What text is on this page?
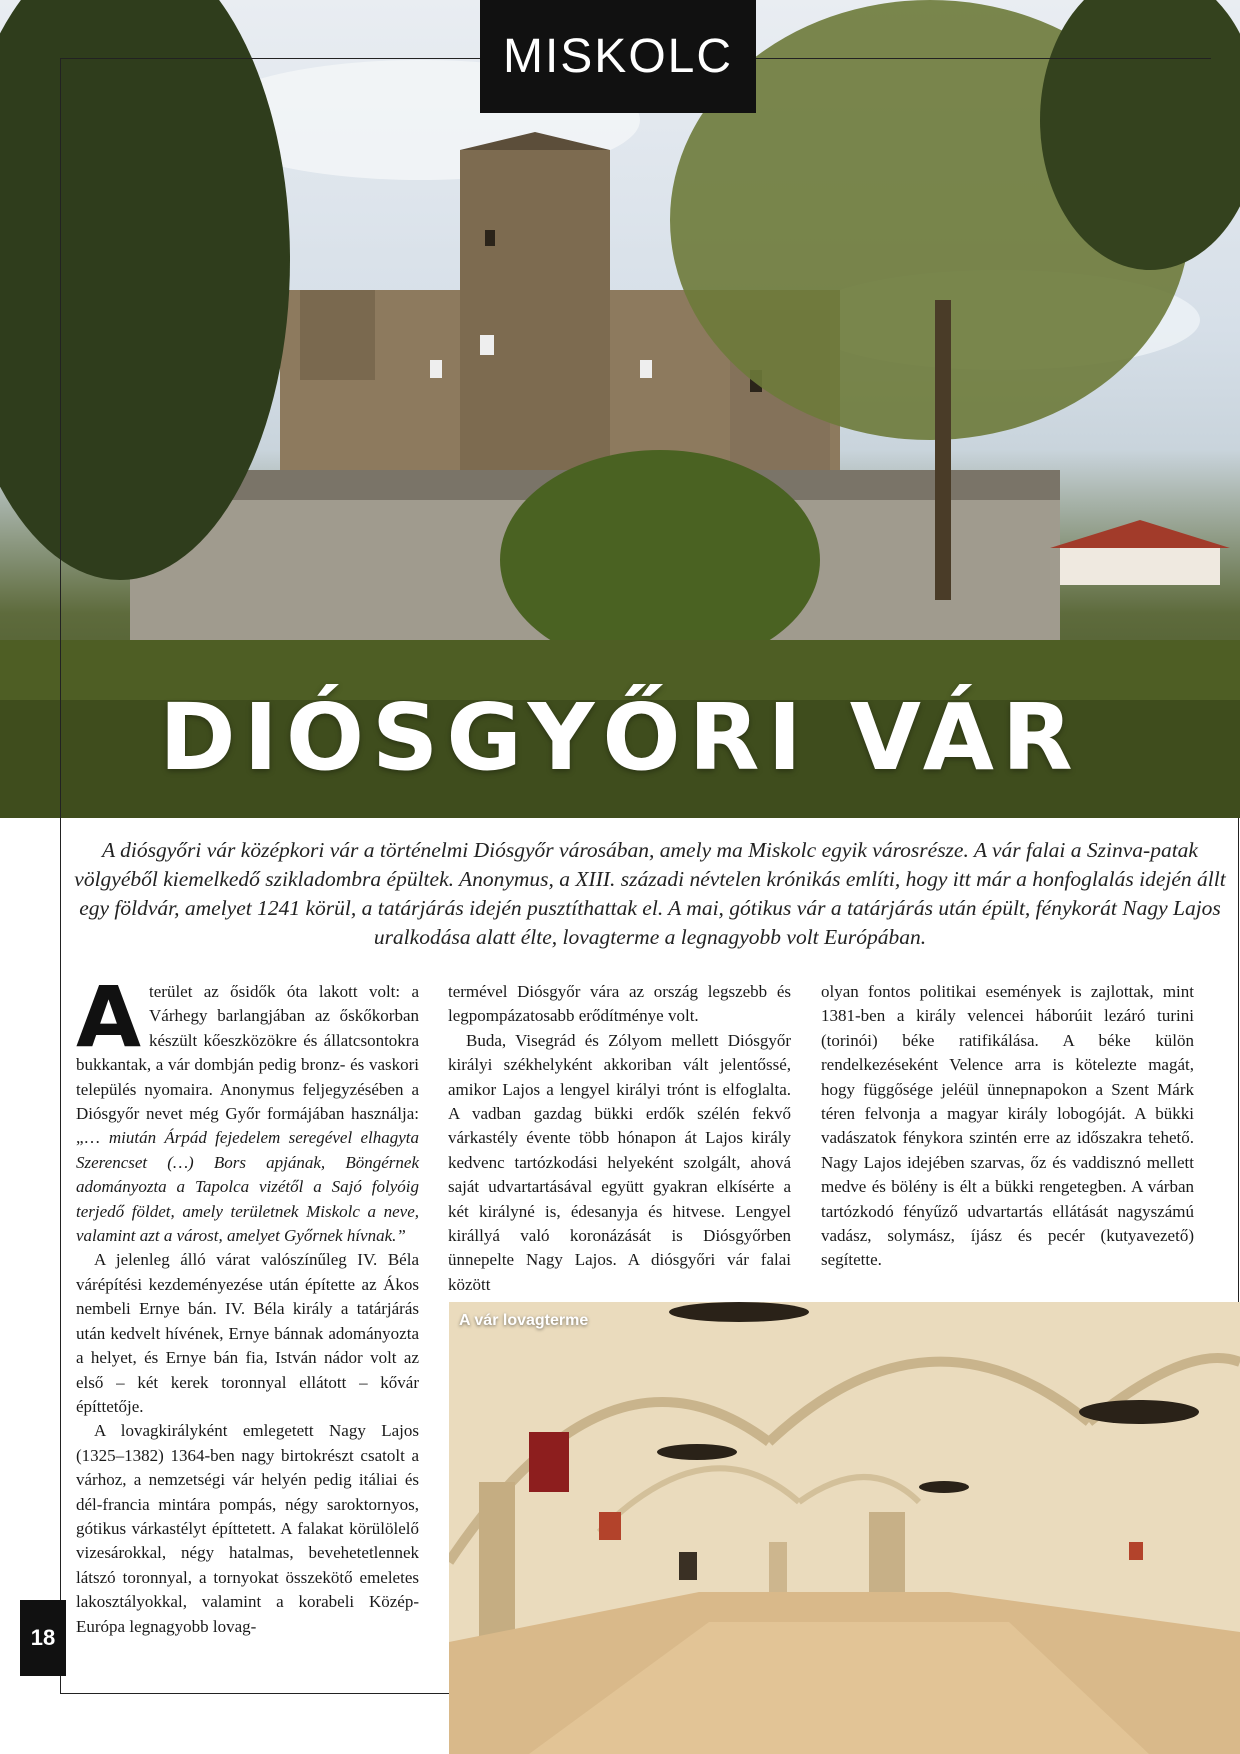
MISKOLC
DIÓSGYŐRI VÁR
A diósgyőri vár középkori vár a történelmi Diósgyőr városában, amely ma Miskolc egyik városrésze. A vár falai a Szinva-patak völgyéből kiemelkedő szikladombra épültek. Anonymus, a XIII. századi névtelen krónikás említi, hogy itt már a honfoglalás idején állt egy földvár, amelyet 1241 körül, a tatárjárás idején pusztíthattak el. A mai, gótikus vár a tatárjárás után épült, fénykorát Nagy Lajos uralkodása alatt élte, lovagterme a legnagyobb volt Európában.

Aterület az ősidők óta lakott volt: a Várhegy barlangjában az őskőkorban készült kőeszközökre és állatcsontokra bukkantak, a vár dombján pedig bronz- és vaskori település nyomaira. Anonymus feljegyzésében a Diósgyőr nevet még Győr formájában használja: „… miután Árpád fejedelem seregével elhagyta Szerencset (…) Bors apjának, Böngérnek adományozta a Tapolca vizétől a Sajó folyóig terjedő földet, amely területnek Miskolc a neve, valamint azt a várost, amelyet Győrnek hívnak.”

A jelenleg álló várat valószínűleg IV. Béla várépítési kezdeményezése után építette az Ákos nembeli Ernye bán. IV. Béla király a tatárjárás után kedvelt hívének, Ernye bánnak adományozta a helyet, és Ernye bán fia, István nádor volt az első – két kerek toronnyal ellátott – kővár építtetője.

A lovagkirályként emlegetett Nagy Lajos (1325–1382) 1364-ben nagy birtokrészt csatolt a várhoz, a nemzetségi vár helyén pedig itáliai és dél-francia mintára pompás, négy saroktornyos, gótikus várkastélyt építtetett. A falakat körülölelő vizesárokkal, négy hatalmas, bevehetetlennek látszó toronnyal, a tornyokat összekötő emeletes lakosztályokkal, valamint a korabeli Közép-Európa legnagyobb lovag-

termével Diósgyőr vára az ország legszebb és legpompázatosabb erődítménye volt.

Buda, Visegrád és Zólyom mellett Diósgyőr királyi székhelyként akkoriban vált jelentőssé, amikor Lajos a lengyel királyi trónt is elfoglalta. A vadban gazdag bükki erdők szélén fekvő várkastély évente több hónapon át Lajos király kedvenc tartózkodási helyeként szolgált, ahová saját udvartartásával együtt gyakran elkísérte a két királyné is, édesanyja és hitvese. Lengyel királlyá való koronázását is Diósgyőrben ünnepelte Nagy Lajos. A diósgyőri vár falai között

olyan fontos politikai események is zajlottak, mint 1381-ben a király velencei háborúit lezáró turini (torinói) béke ratifikálása. A béke külön rendelkezéseként Velence arra is kötelezte magát, hogy függősége jeléül ünnepnapokon a Szent Márk téren felvonja a magyar király lobogóját. A bükki vadászatok fénykora szintén erre az időszakra tehető. Nagy Lajos idejében szarvas, őz és vaddisznó mellett medve és bölény is élt a bükki rengetegben. A várban tartózkodó fényűző udvartartás ellátását nagyszámú vadász, solymász, íjász és pecér (kutyavezető) segítette.

A vár lovagterme
18
